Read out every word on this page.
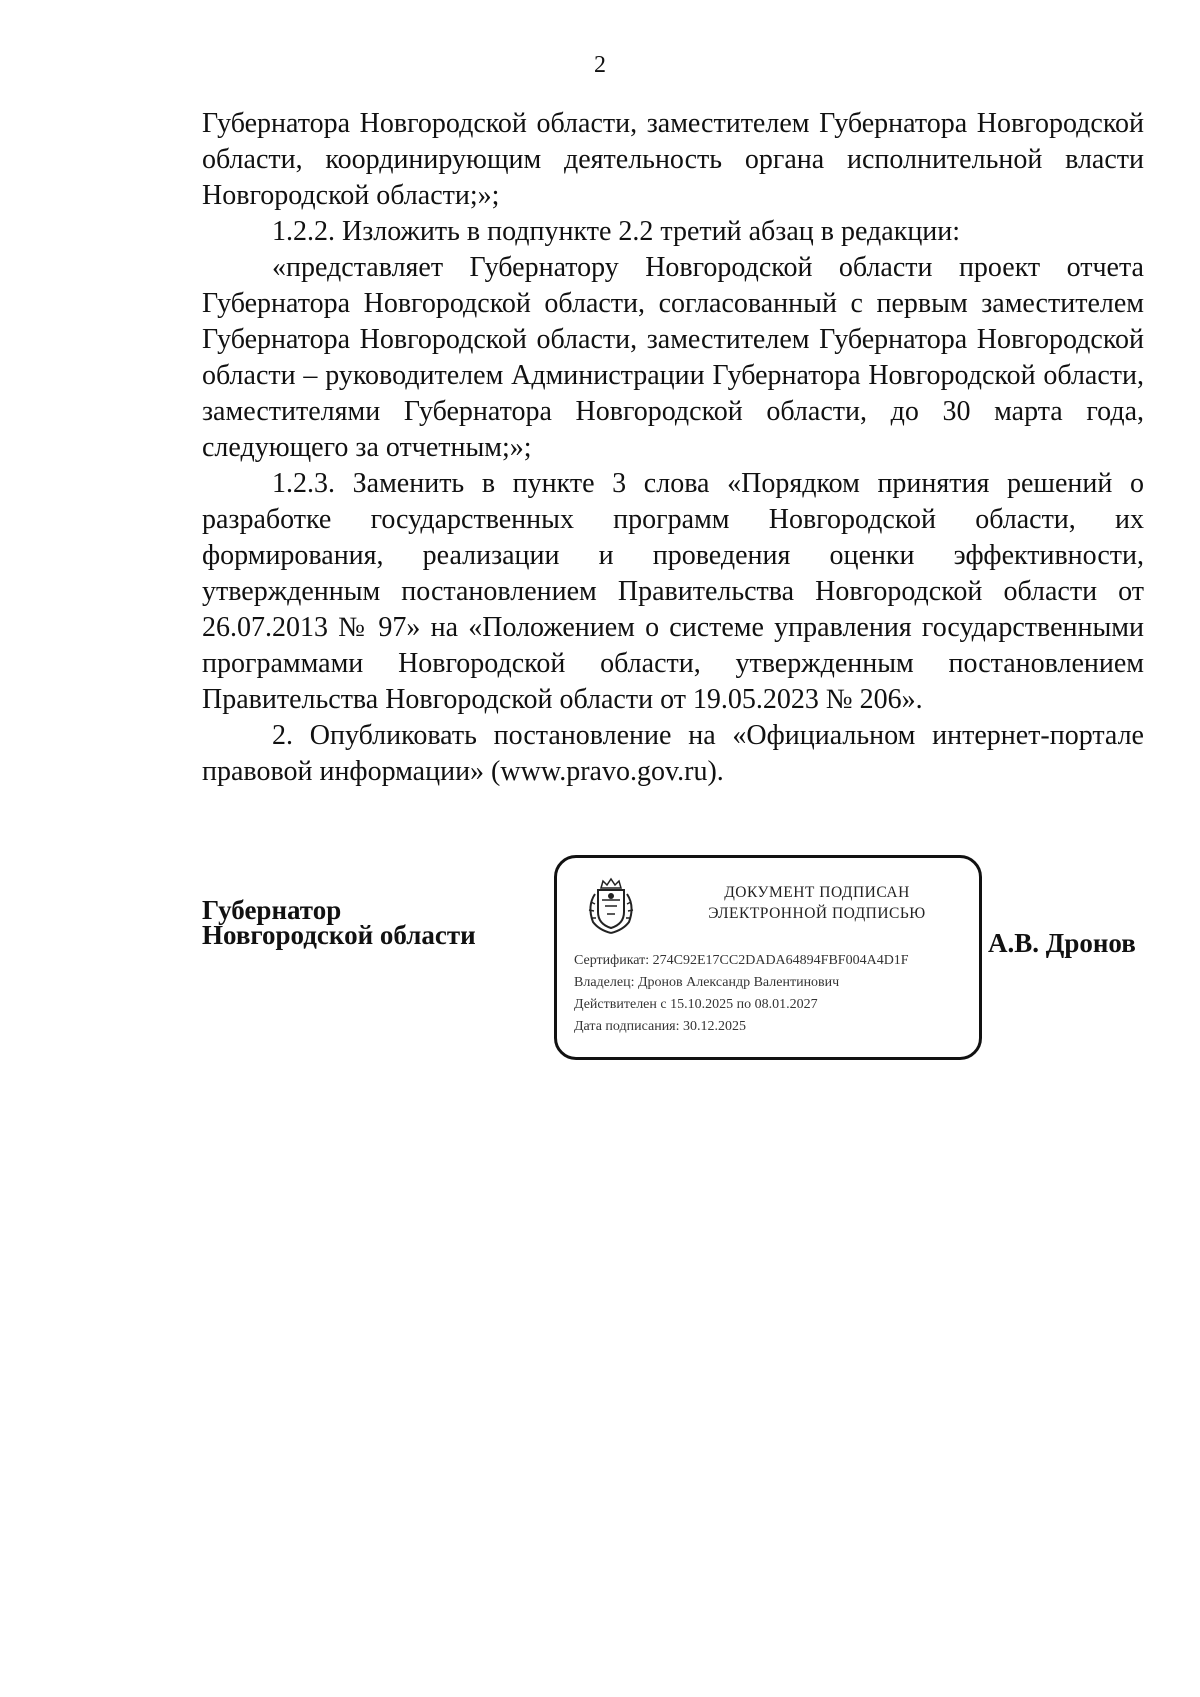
2

Губернатора Новгородской области, заместителем Губернатора Новгородской области, координирующим деятельность органа исполнительной власти Новгородской области;»;

1.2.2. Изложить в подпункте 2.2 третий абзац в редакции:

«представляет Губернатору Новгородской области проект отчета Губернатора Новгородской области, согласованный с первым заместителем Губернатора Новгородской области, заместителем Губернатора Новгородской области – руководителем Администрации Губернатора Новгородской области, заместителями Губернатора Новгородской области, до 30 марта года, следующего за отчетным;»;

1.2.3. Заменить в пункте 3 слова «Порядком принятия решений о разработке государственных программ Новгородской области, их формирования, реализации и проведения оценки эффективности, утвержденным постановлением Правительства Новгородской области от 26.07.2013 № 97» на «Положением о системе управления государственными программами Новгородской области, утвержденным постановлением Правительства Новгородской области от 19.05.2023 № 206».

2. Опубликовать постановление на «Официальном интернет-портале правовой информации» (www.pravo.gov.ru).

Губернатор
Новгородской области
ДОКУМЕНТ ПОДПИСАН
ЭЛЕКТРОННОЙ ПОДПИСЬЮ
Сертификат: 274C92E17CC2DADA64894FBF004A4D1F
Владелец: Дронов Александр Валентинович
Действителен с 15.10.2025 по 08.01.2027
Дата подписания: 30.12.2025
А.В. Дронов
